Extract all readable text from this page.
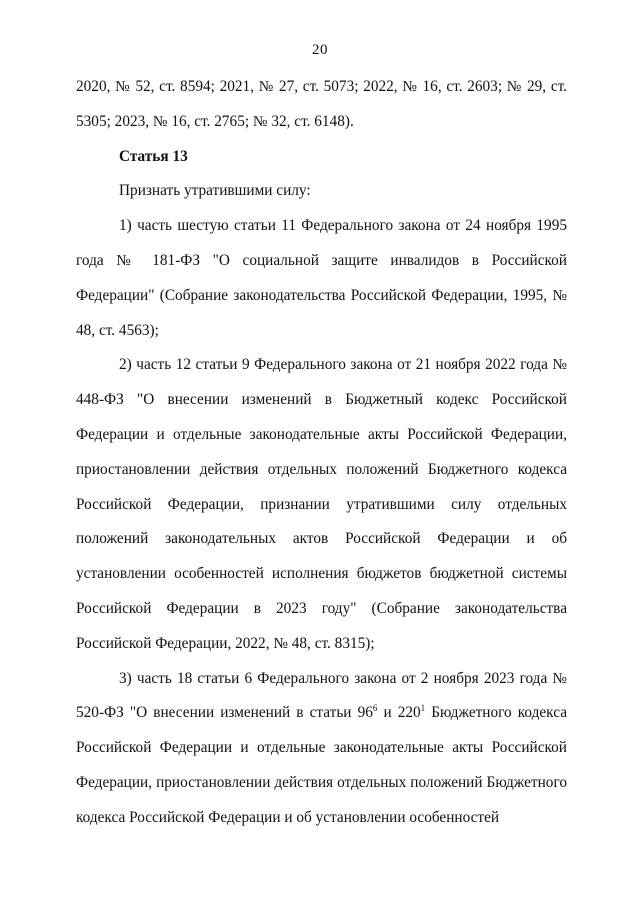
20

2020, № 52, ст. 8594; 2021, № 27, ст. 5073; 2022, № 16, ст. 2603; № 29, ст. 5305; 2023, № 16, ст. 2765; № 32, ст. 6148).

Статья 13

Признать утратившими силу:

1) часть шестую статьи 11 Федерального закона от 24 ноября 1995 года № 181-ФЗ "О социальной защите инвалидов в Российской Федерации" (Собрание законодательства Российской Федерации, 1995, № 48, ст. 4563);

2) часть 12 статьи 9 Федерального закона от 21 ноября 2022 года № 448-ФЗ "О внесении изменений в Бюджетный кодекс Российской Федерации и отдельные законодательные акты Российской Федерации, приостановлении действия отдельных положений Бюджетного кодекса Российской Федерации, признании утратившими силу отдельных положений законодательных актов Российской Федерации и об установлении особенностей исполнения бюджетов бюджетной системы Российской Федерации в 2023 году" (Собрание законодательства Российской Федерации, 2022, № 48, ст. 8315);

3) часть 18 статьи 6 Федерального закона от 2 ноября 2023 года № 520-ФЗ "О внесении изменений в статьи $96^6$ и $220^1$ Бюджетного кодекса Российской Федерации и отдельные законодательные акты Российской Федерации, приостановлении действия отдельных положений Бюджетного кодекса Российской Федерации и об установлении особенностей
